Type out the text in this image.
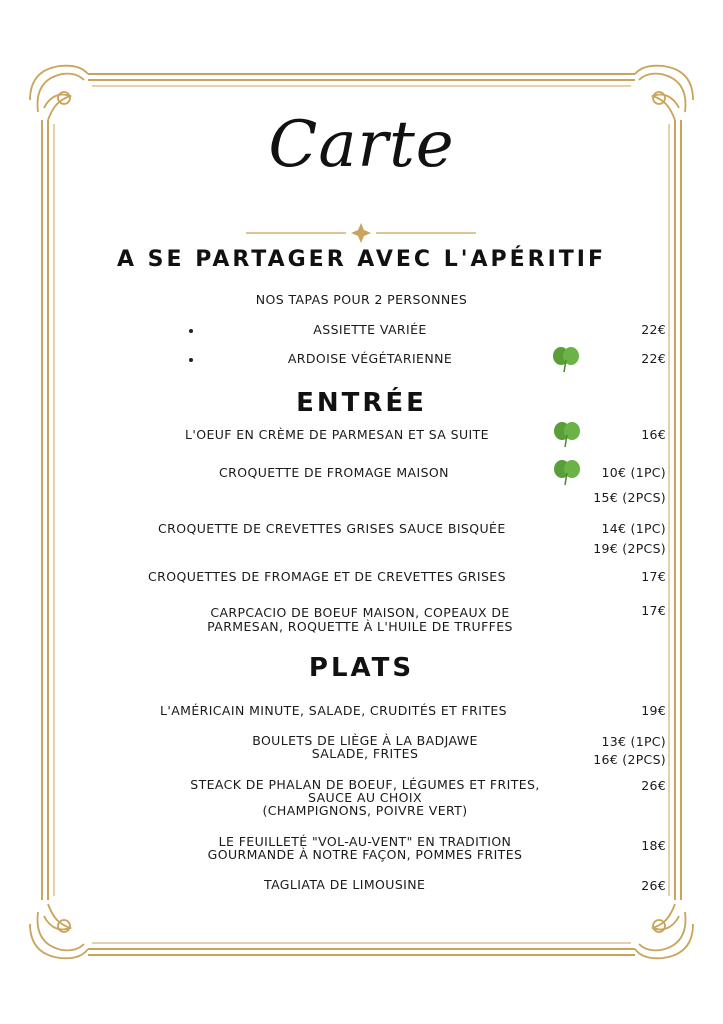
Carte
A SE PARTAGER AVEC L'APÉRITIF
NOS TAPAS POUR 2 PERSONNES
ASSIETTE VARIÉE	22€
ARDOISE VÉGÉTARIENNE	22€
ENTRÉE
L'OEUF EN CRÈME DE PARMESAN ET SA SUITE	16€
CROQUETTE DE FROMAGE MAISON	10€ (1PC)
15€ (2PCS)
CROQUETTE DE CREVETTES GRISES SAUCE BISQUÉE	14€ (1PC)
19€ (2PCS)
CROQUETTES DE FROMAGE ET DE CREVETTES GRISES	17€
CARPCACIO DE BOEUF MAISON, COPEAUX DE
PARMESAN, ROQUETTE À L'HUILE DE TRUFFES
17€
PLATS
L'AMÉRICAIN MINUTE, SALADE, CRUDITÉS ET FRITES	19€
BOULETS DE LIÈGE À LA BADJAWE
SALADE, FRITES
13€ (1PC)
16€ (2PCS)
STEACK DE PHALAN DE BOEUF, LÉGUMES ET FRITES,
SAUCE AU CHOIX
(CHAMPIGNONS, POIVRE VERT)
26€
LE FEUILLETÉ "VOL-AU-VENT" EN TRADITION
GOURMANDE À NOTRE FAÇON, POMMES FRITES
18€
TAGLIATA DE LIMOUSINE	26€
